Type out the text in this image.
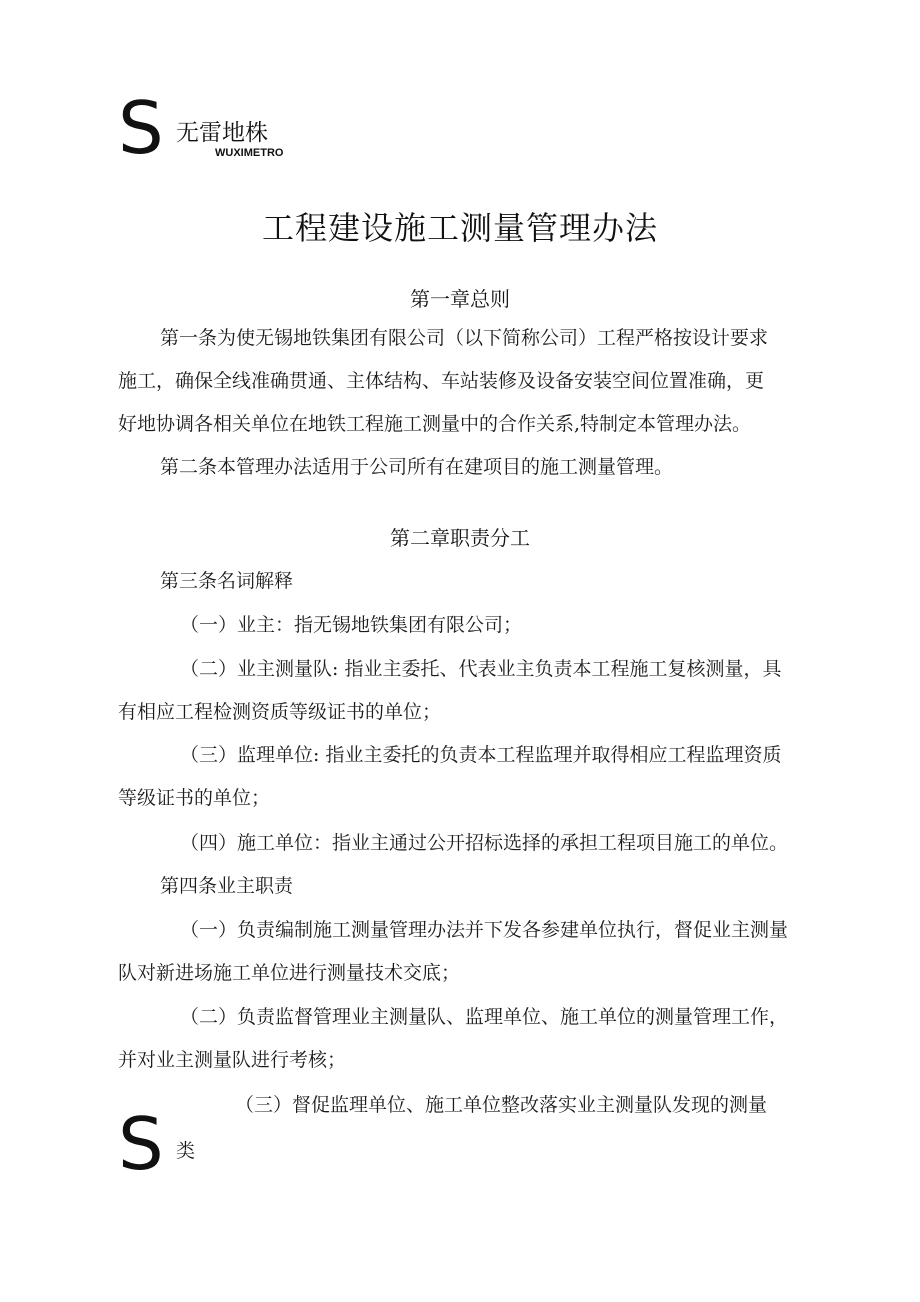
S 无雷地株
WUXIMETRO
工程建设施工测量管理办法
第一章总则
第一条为使无锡地铁集团有限公司（以下简称公司）工程严格按设计要求
施工，确保全线准确贯通、主体结构、车站装修及设备安装空间位置准确，更
好地协调各相关单位在地铁工程施工测量中的合作关系,特制定本管理办法。
第二条本管理办法适用于公司所有在建项目的施工测量管理。
第二章职责分工
第三条名词解释
（一）业主：指无锡地铁集团有限公司；
（二）业主测量队: 指业主委托、代表业主负责本工程施工复核测量，具
有相应工程检测资质等级证书的单位；
（三）监理单位: 指业主委托的负责本工程监理并取得相应工程监理资质
等级证书的单位；
（四）施工单位：指业主通过公开招标选择的承担工程项目施工的单位。
第四条业主职责
（一）负责编制施工测量管理办法并下发各参建单位执行，督促业主测量
队对新进场施工单位进行测量技术交底；
（二）负责监督管理业主测量队、监理单位、施工单位的测量管理工作，
并对业主测量队进行考核；
（三）督促监理单位、施工单位整改落实业主测量队发现的测量
S 类
